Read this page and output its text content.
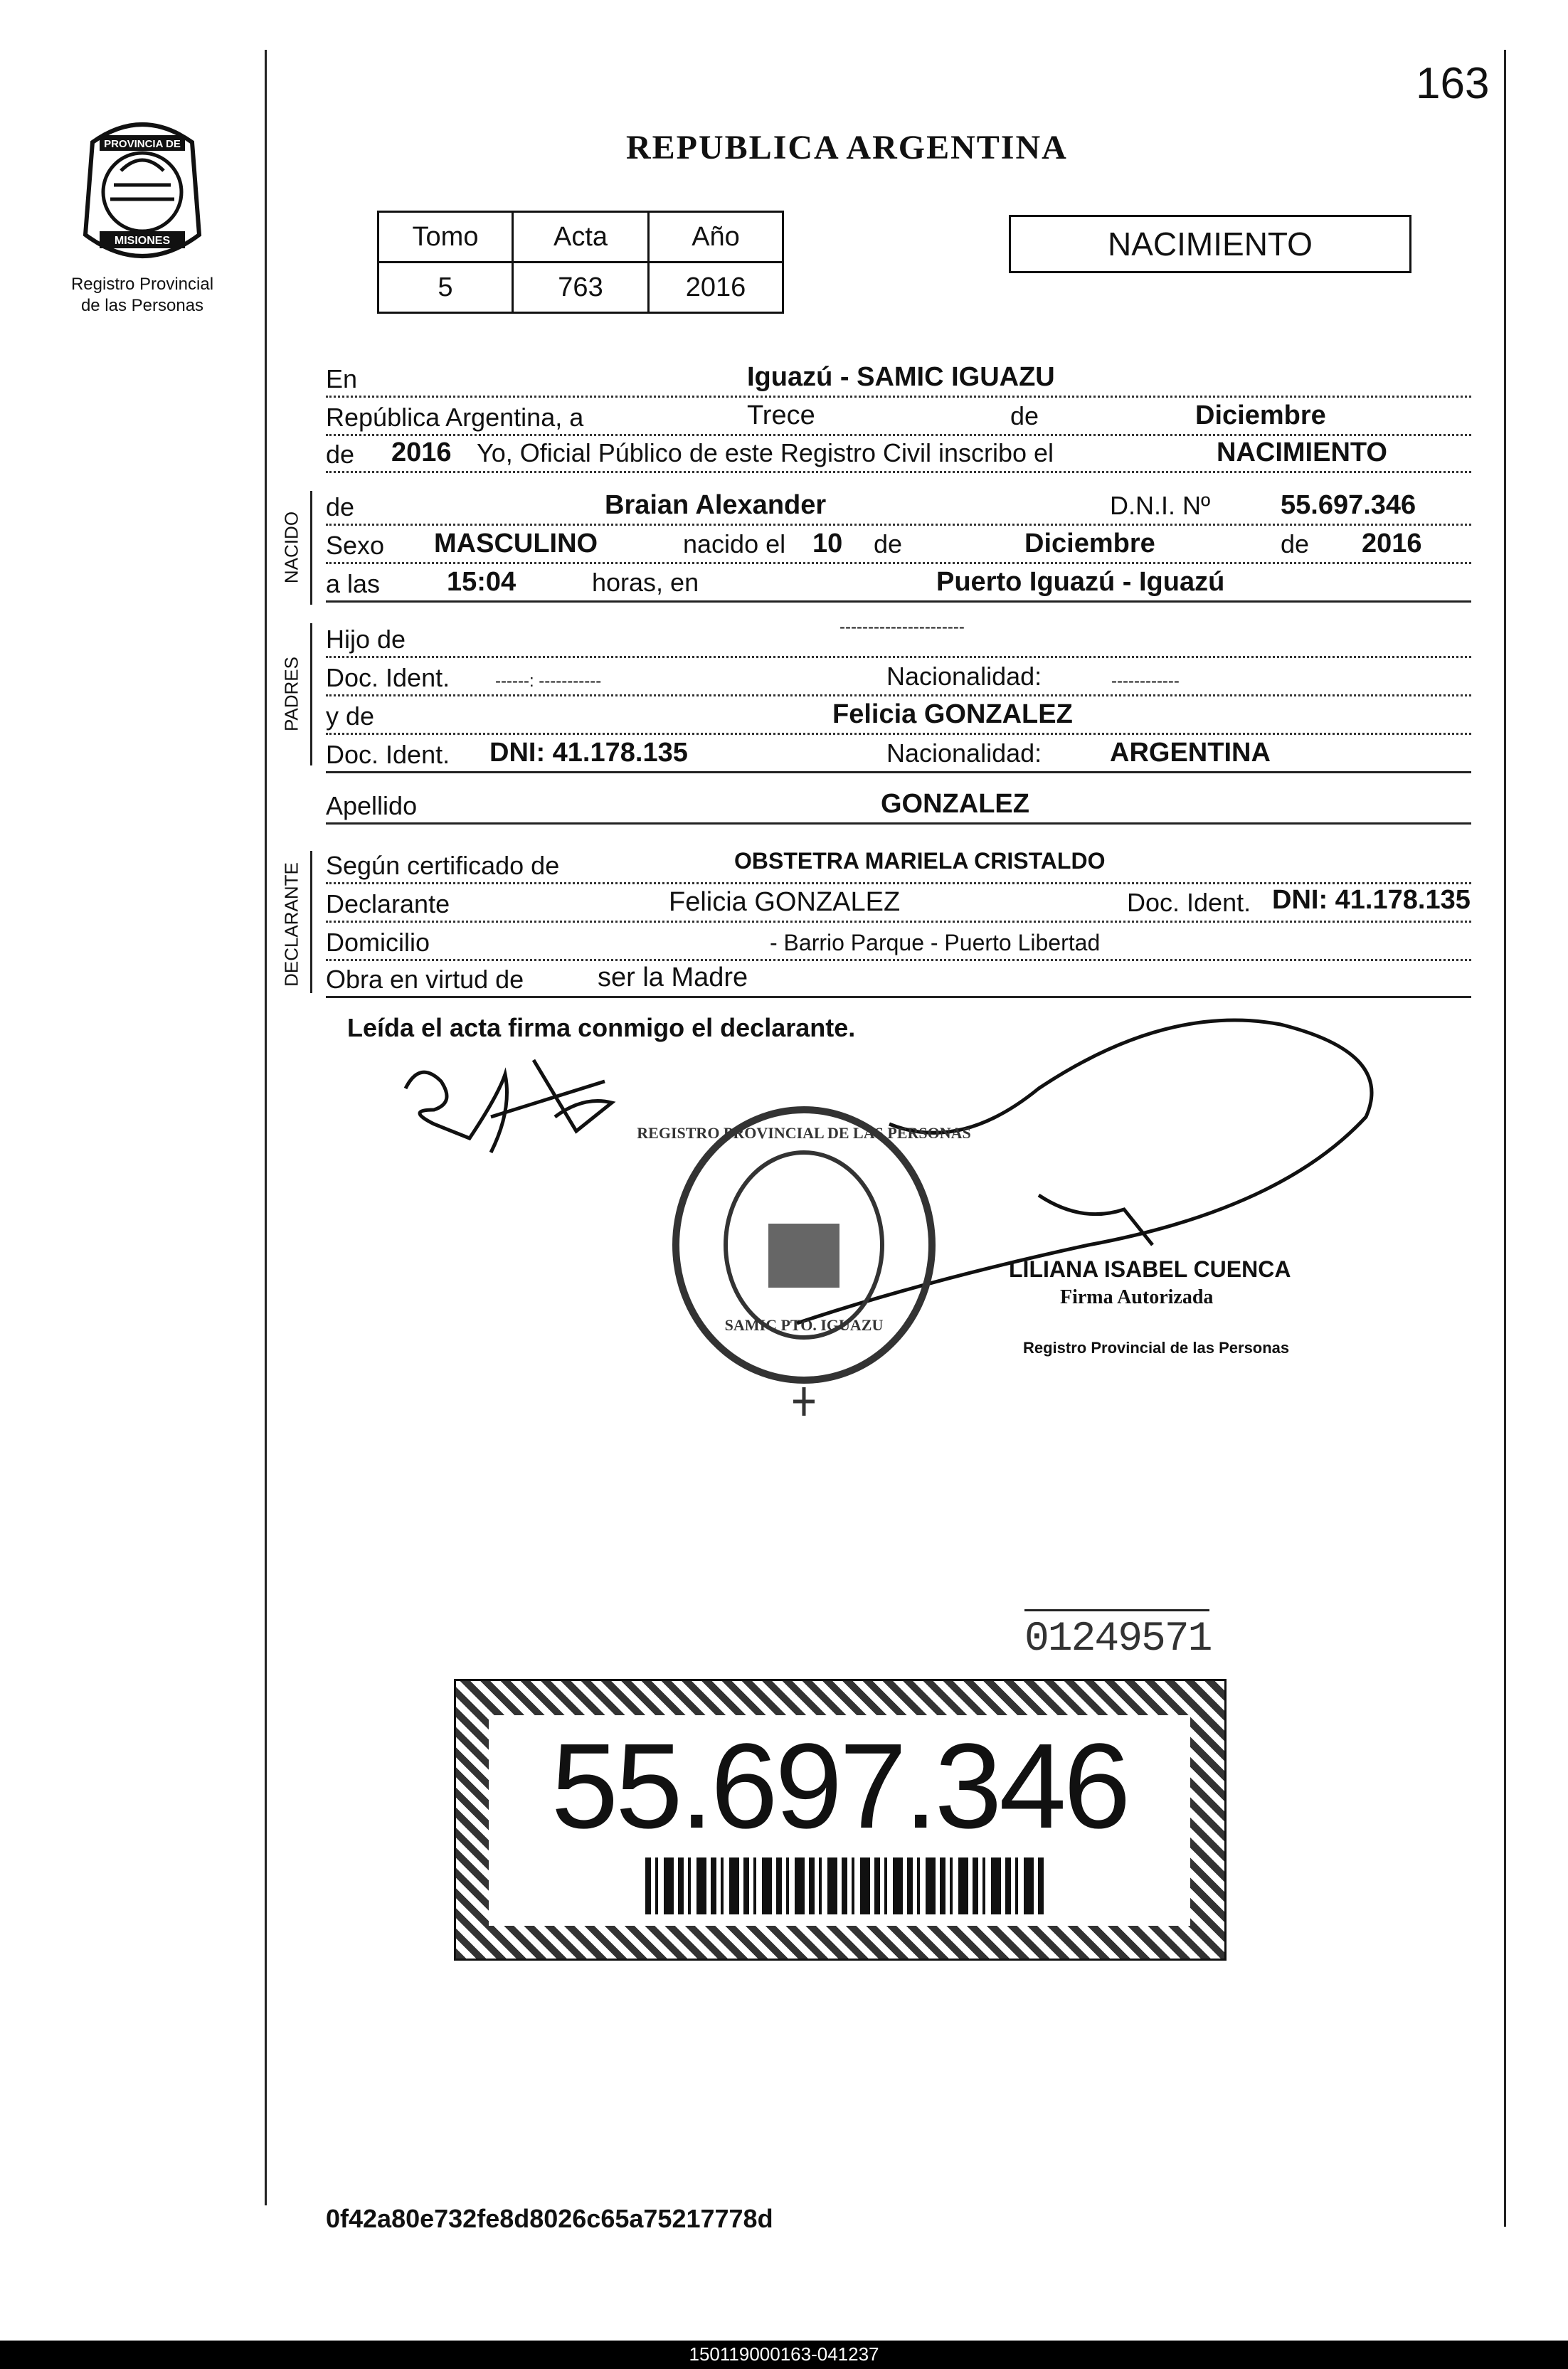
163
PROVINCIA DE
MISIONES
Registro Provincial
de las Personas
REPUBLICA ARGENTINA
Tomo	Acta	Año
5	763	2016
NACIMIENTO
En	Iguazú - SAMIC IGUAZU
República Argentina, a	Trece	de	Diciembre
de 2016 Yo, Oficial Público de este Registro Civil inscribo el	NACIMIENTO
NACIDO
de	Braian Alexander	D.N.I. Nº	55.697.346
Sexo MASCULINO	nacido el 10 de	Diciembre	de 2016
a las 15:04	horas, en	Puerto Iguazú - Iguazú
PADRES
Hijo de	----------------------
Doc. Ident.	------: -----------	Nacionalidad:	------------
y de	Felicia GONZALEZ
Doc. Ident. DNI: 41.178.135	Nacionalidad:	ARGENTINA
Apellido	GONZALEZ
DECLARANTE Según certificado de	OBSTETRA MARIELA CRISTALDO
Declarante	Felicia GONZALEZ	Doc. Ident. DNI: 41.178.135
Domicilio	- Barrio Parque - Puerto Libertad
Obra en virtud de	ser la Madre
Leída el acta firma conmigo el declarante.
REGISTRO PROVINCIAL DE LAS PERSONAS
SAMIC PTO. IGUAZU
LILIANA ISABEL CUENCA
Firma Autorizada
Registro Provincial de las Personas
01249571
55.697.346
0f42a80e732fe8d8026c65a75217778d
150119000163-041237
